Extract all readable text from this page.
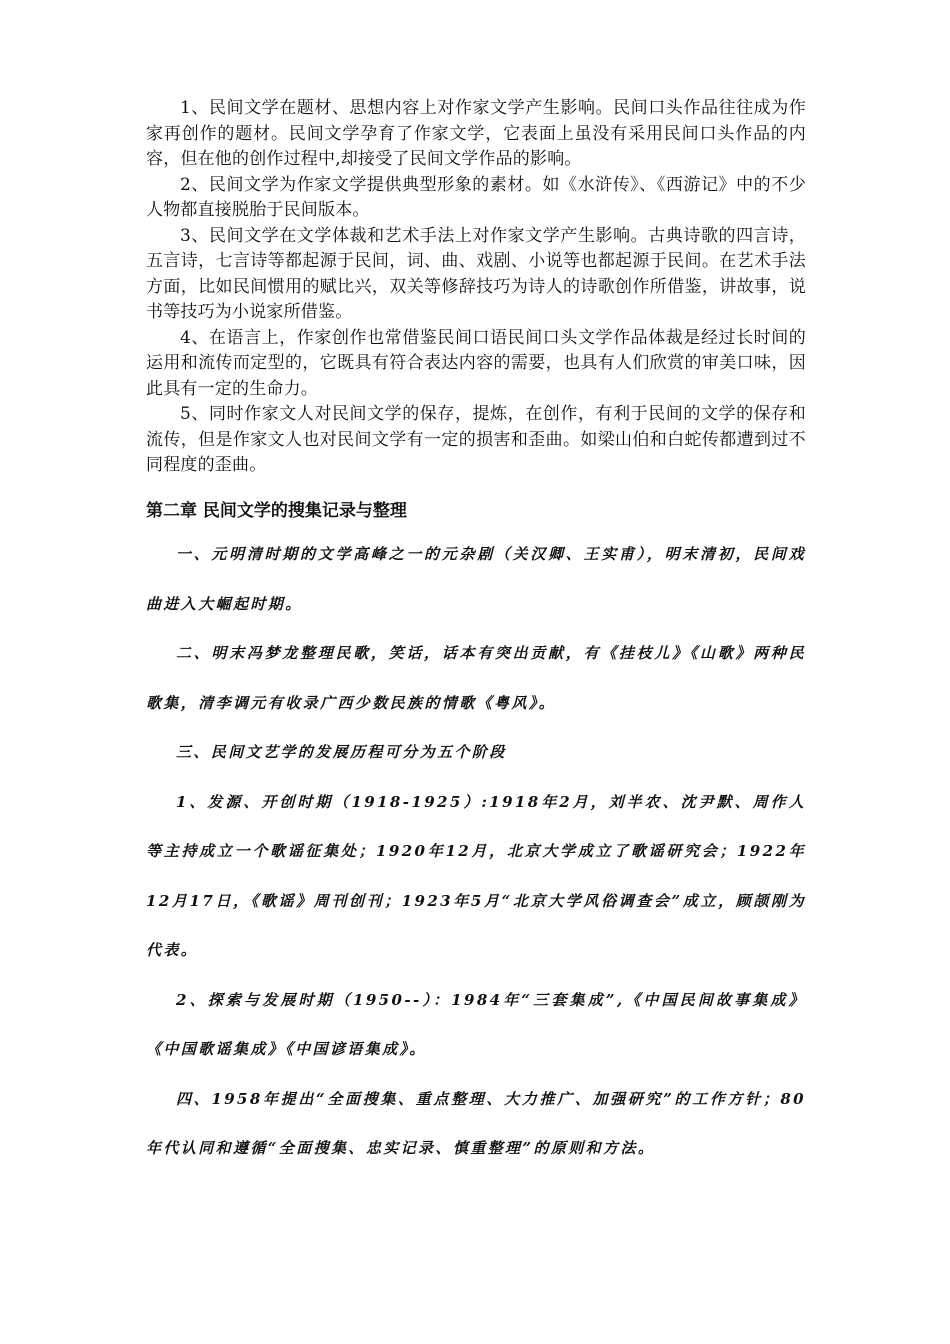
1、民间文学在题材、思想内容上对作家文学产生影响。民间口头作品往往成为作家再创作的题材。民间文学孕育了作家文学，它表面上虽没有采用民间口头作品的内容，但在他的创作过程中,却接受了民间文学作品的影响。

2、民间文学为作家文学提供典型形象的素材。如《水浒传》、《西游记》中的不少人物都直接脱胎于民间版本。

3、民间文学在文学体裁和艺术手法上对作家文学产生影响。古典诗歌的四言诗，五言诗，七言诗等都起源于民间，词、曲、戏剧、小说等也都起源于民间。在艺术手法方面，比如民间惯用的赋比兴，双关等修辞技巧为诗人的诗歌创作所借鉴，讲故事，说书等技巧为小说家所借鉴。

4、在语言上，作家创作也常借鉴民间口语民间口头文学作品体裁是经过长时间的运用和流传而定型的，它既具有符合表达内容的需要，也具有人们欣赏的审美口味，因此具有一定的生命力。

5、同时作家文人对民间文学的保存，提炼，在创作，有利于民间的文学的保存和流传，但是作家文人也对民间文学有一定的损害和歪曲。如梁山伯和白蛇传都遭到过不同程度的歪曲。

第二章 民间文学的搜集记录与整理

一、元明清时期的文学高峰之一的元杂剧（关汉卿、王实甫），明末清初，民间戏曲进入大崛起时期。

二、明末冯梦龙整理民歌，笑话，话本有突出贡献，有《挂枝儿》《山歌》两种民歌集，清李调元有收录广西少数民族的情歌《粤风》。

三、民间文艺学的发展历程可分为五个阶段

1、发源、开创时期（1918-1925）:1918年2月，刘半农、沈尹默、周作人等主持成立一个歌谣征集处；1920年12月，北京大学成立了歌谣研究会；1922年12月17日，《歌谣》周刊创刊；1923年5月“北京大学风俗调查会”成立，顾颉刚为代表。

2、探索与发展时期（1950--）：1984年“三套集成”,《中国民间故事集成》《中国歌谣集成》《中国谚语集成》。

四、1958年提出“全面搜集、重点整理、大力推广、加强研究”的工作方针；80年代认同和遵循“全面搜集、忠实记录、慎重整理”的原则和方法。
